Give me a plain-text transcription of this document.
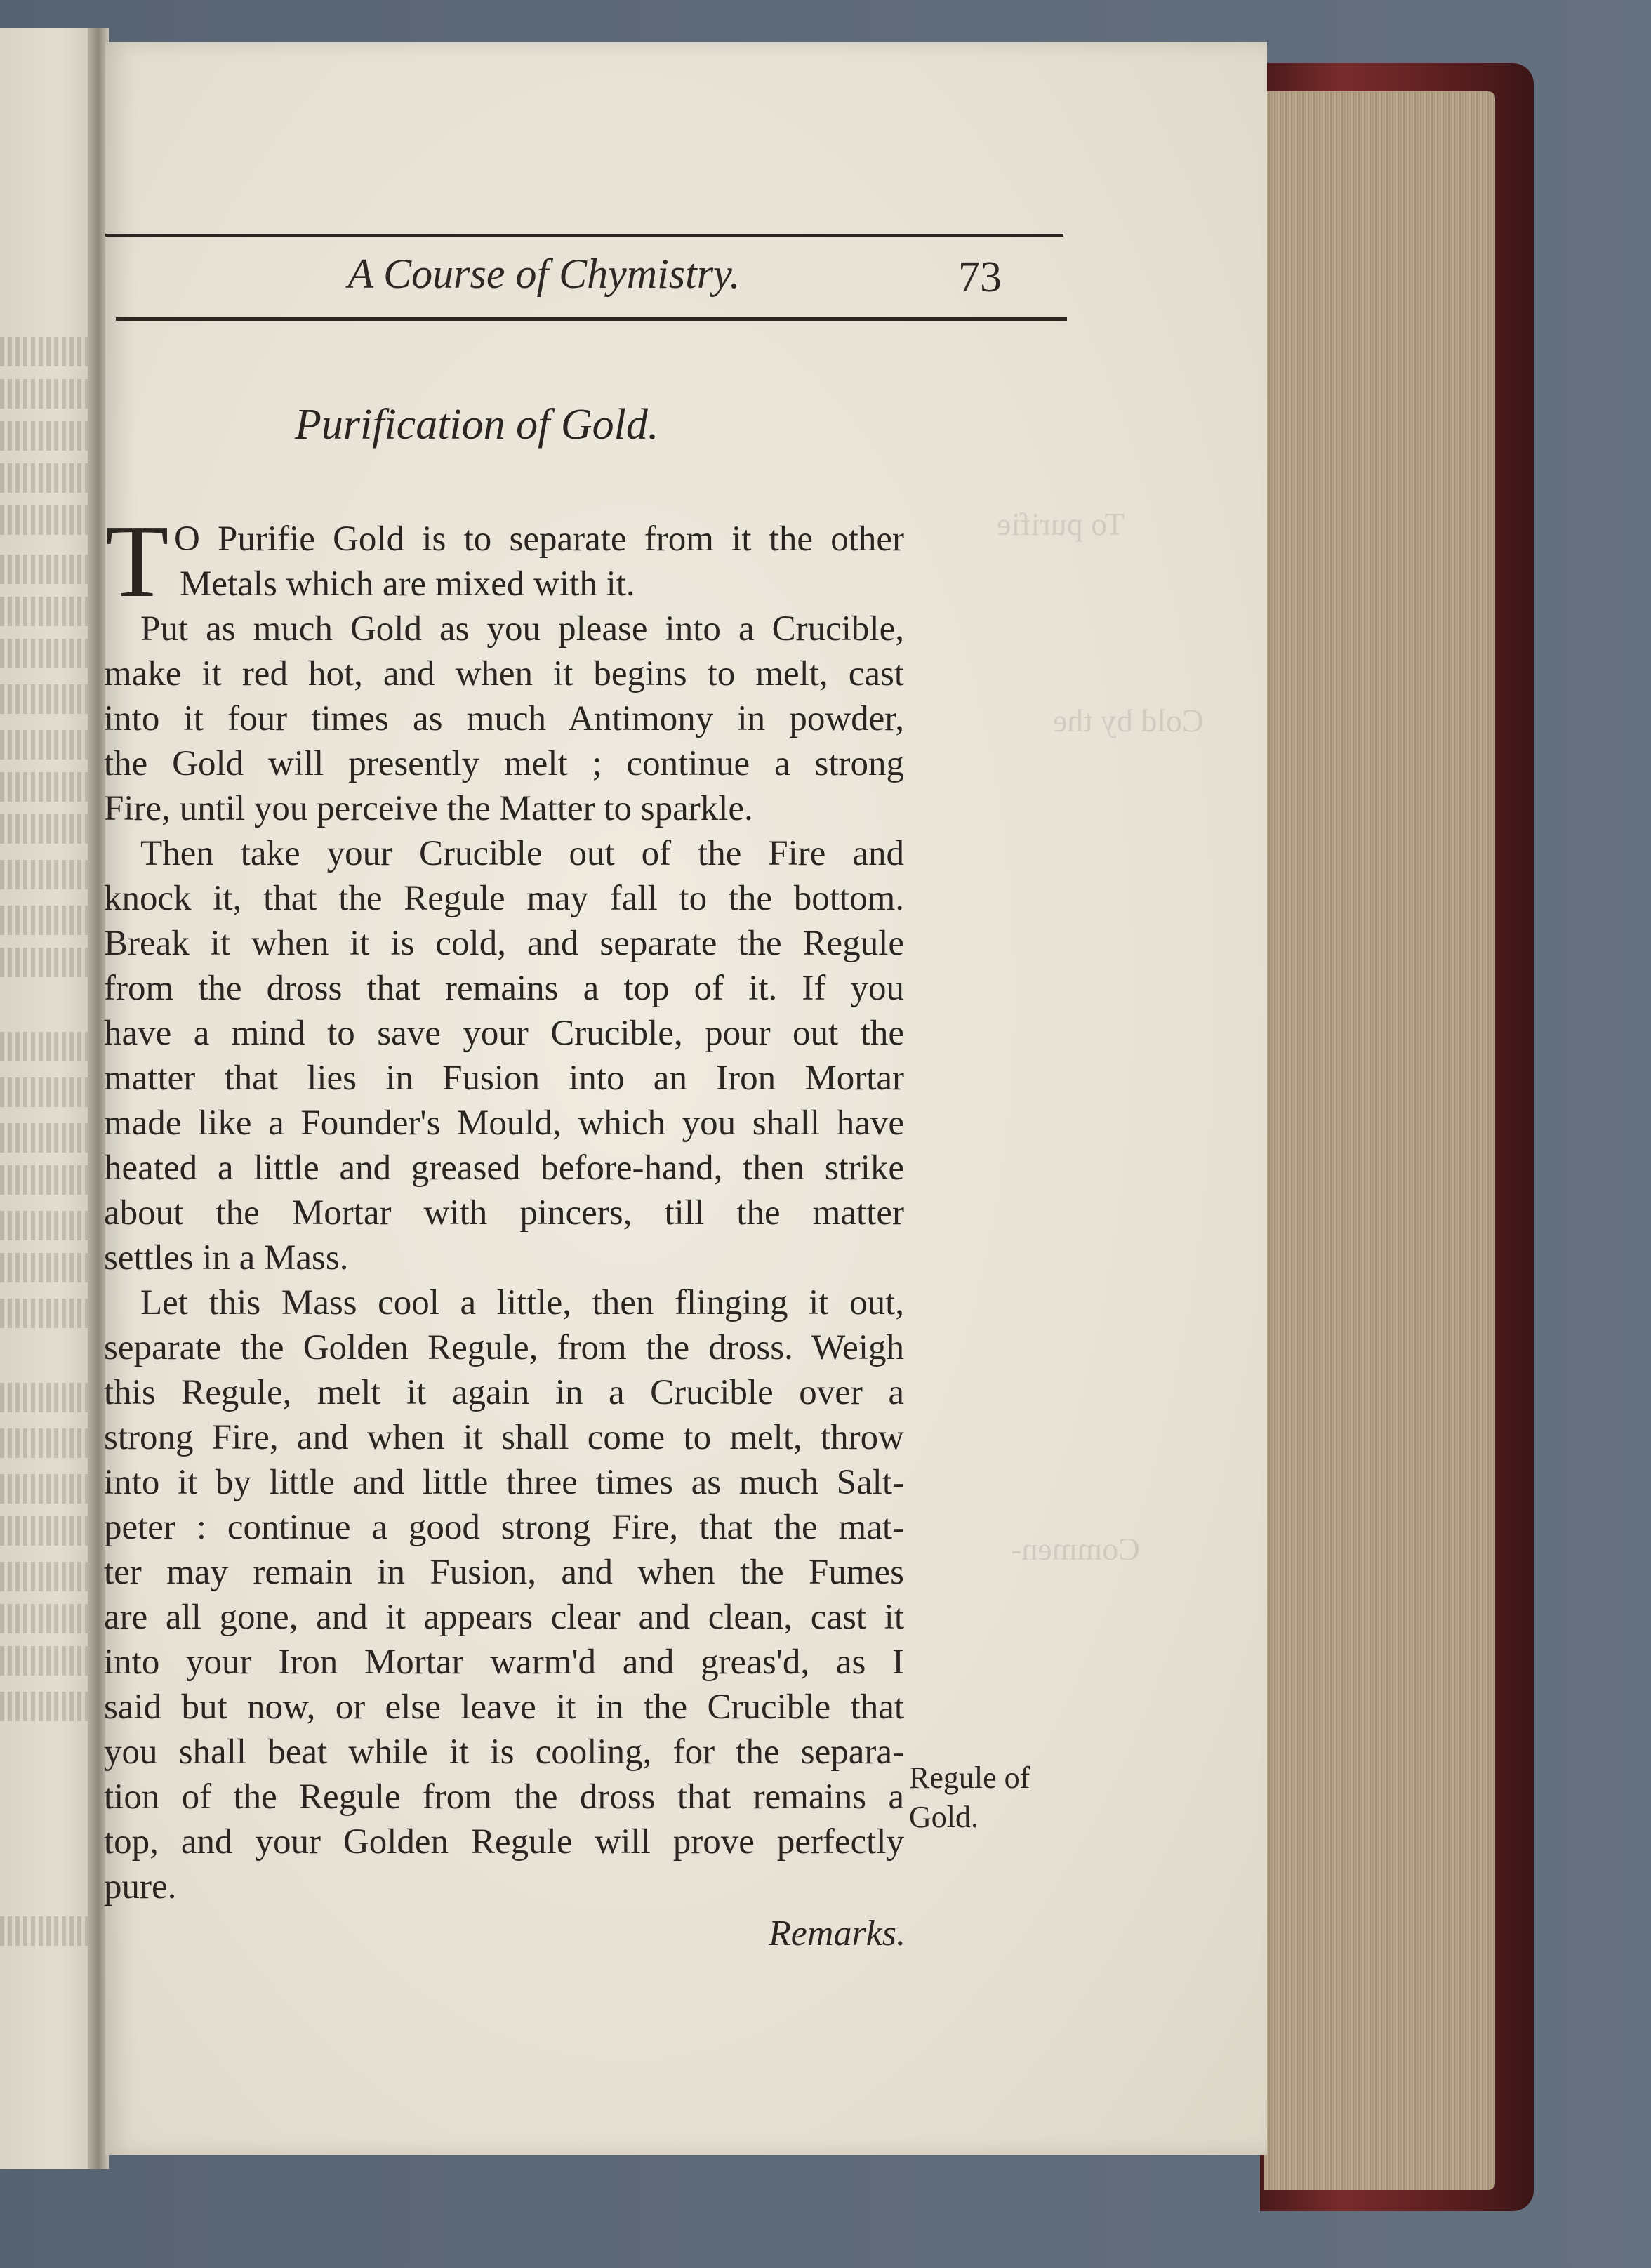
Cold by the
To purifie
Commen-
A Course of Chymistry.	73
Purification of Gold.
T O Purifie Gold is to separate from it the other
Metals which are mixed with it.
Put as much Gold as you please into a Crucible,
make it red hot, and when it begins to melt, cast
into it four times as much Antimony in powder,
the Gold will presently melt ; continue a strong
Fire, until you perceive the Matter to sparkle.
Then take your Crucible out of the Fire and
knock it, that the Regule may fall to the bottom.
Break it when it is cold, and separate the Regule
from the dross that remains a top of it. If you
have a mind to save your Crucible, pour out the
matter that lies in Fusion into an Iron Mortar
made like a Founder's Mould, which you shall have
heated a little and greased before-hand, then strike
about the Mortar with pincers, till the matter
settles in a Mass.
Let this Mass cool a little, then flinging it out,
separate the Golden Regule, from the dross. Weigh
this Regule, melt it again in a Crucible over a
strong Fire, and when it shall come to melt, throw
into it by little and little three times as much Salt-
peter : continue a good strong Fire, that the mat-
ter may remain in Fusion, and when the Fumes
are all gone, and it appears clear and clean, cast it
into your Iron Mortar warm'd and greas'd, as I
said but now, or else leave it in the Crucible that
you shall beat while it is cooling, for the separa-
tion of the Regule from the dross that remains a
top, and your Golden Regule will prove perfectly
pure.
Regule of Gold.
Remarks.
